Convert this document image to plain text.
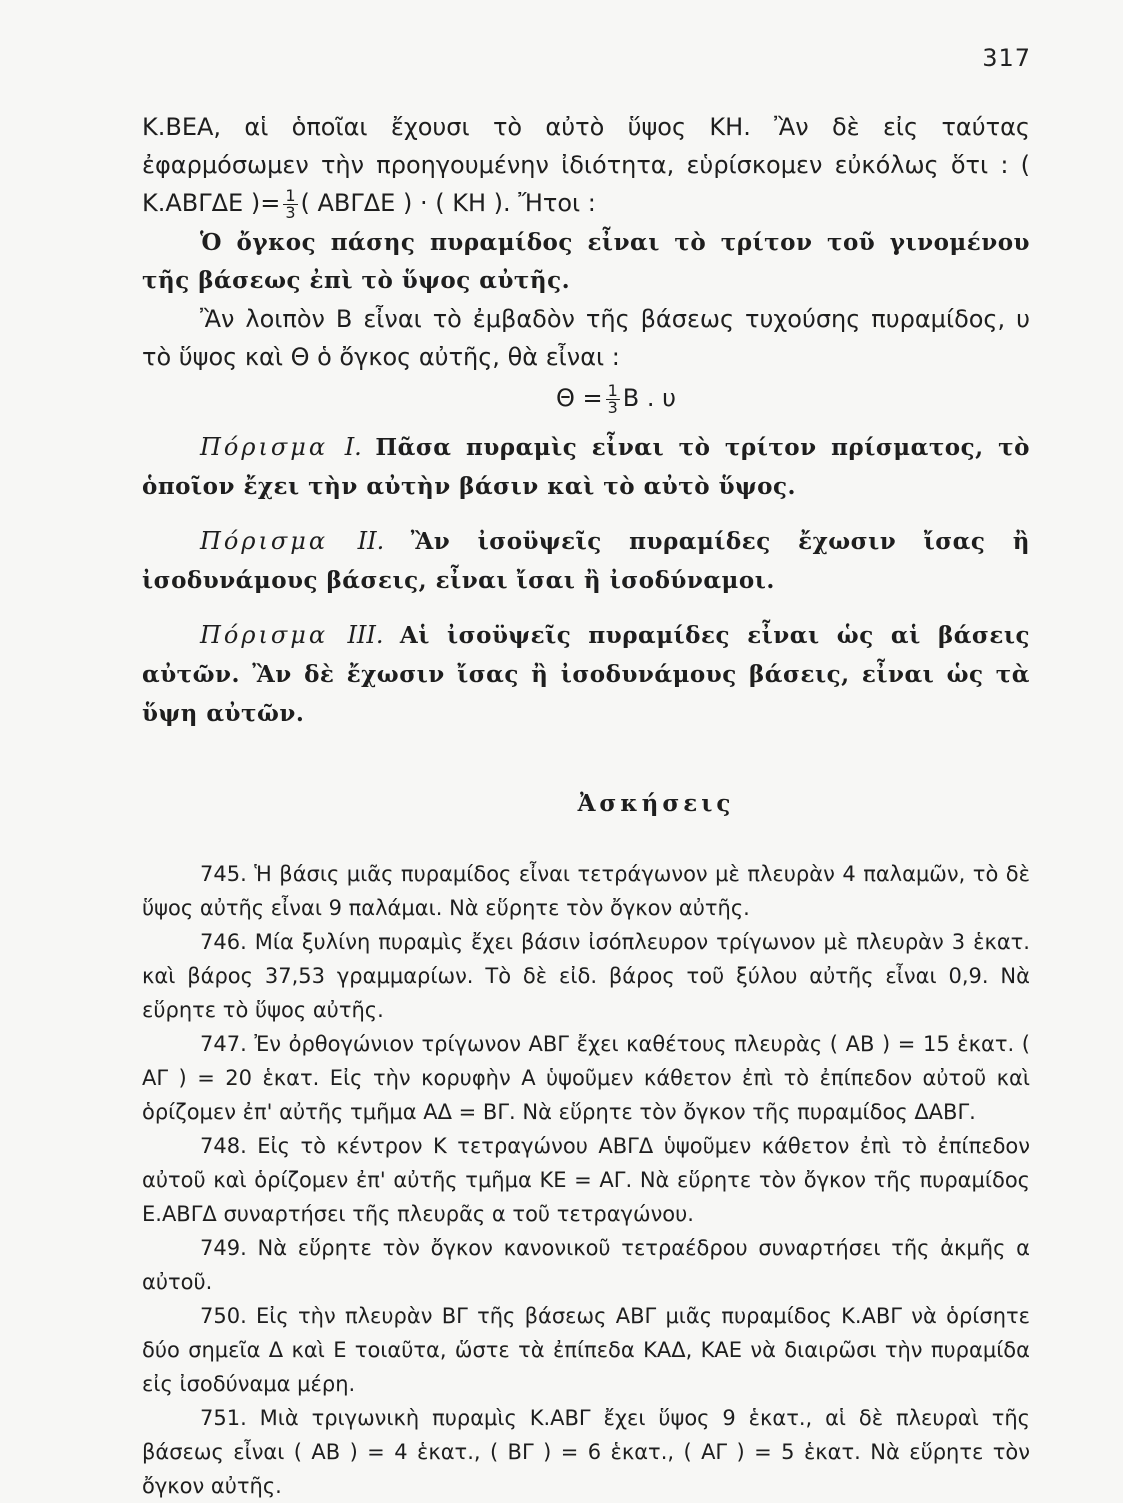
317

Κ.ΒΕΑ, αἱ ὁποῖαι ἔχουσι τὸ αὐτὸ ὕψος ΚΗ. Ἂν δὲ εἰς ταύτας ἐφαρμόσωμεν τὴν προηγουμένην ἰδιότητα, εὑρίσκομεν εὐκόλως ὅτι : ( Κ.ΑΒΓΔΕ )= $\frac{1}{3}$ ( ΑΒΓΔΕ ) · ( ΚΗ ). Ἤτοι :

Ὁ ὄγκος πάσης πυραμίδος εἶναι τὸ τρίτον τοῦ γινομένου τῆς βάσεως ἐπὶ τὸ ὕψος αὐτῆς.

Ἂν λοιπὸν Β εἶναι τὸ ἐμβαδὸν τῆς βάσεως τυχούσης πυραμίδος, υ τὸ ὕψος καὶ Θ ὁ ὄγκος αὐτῆς, θὰ εἶναι :

$\Theta = \frac{1}{3}$ Β . υ

Πόρισμα I. Πᾶσα πυραμὶς εἶναι τὸ τρίτον πρίσματος, τὸ ὁποῖον ἔχει τὴν αὐτὴν βάσιν καὶ τὸ αὐτὸ ὕψος.

Πόρισμα II. Ἂν ἰσοϋψεῖς πυραμίδες ἔχωσιν ἴσας ἢ ἰσοδυνάμους βάσεις, εἶναι ἴσαι ἢ ἰσοδύναμοι.

Πόρισμα III. Αἱ ἰσοϋψεῖς πυραμίδες εἶναι ὡς αἱ βάσεις αὐτῶν. Ἂν δὲ ἔχωσιν ἴσας ἢ ἰσοδυνάμους βάσεις, εἶναι ὡς τὰ ὕψη αὐτῶν.

Ἀσκήσεις

745. Ἡ βάσις μιᾶς πυραμίδος εἶναι τετράγωνον μὲ πλευρὰν 4 παλαμῶν, τὸ δὲ ὕψος αὐτῆς εἶναι 9 παλάμαι. Νὰ εὕρητε τὸν ὄγκον αὐτῆς.

746. Μία ξυλίνη πυραμὶς ἔχει βάσιν ἰσόπλευρον τρίγωνον μὲ πλευρὰν 3 ἑκατ. καὶ βάρος 37,53 γραμμαρίων. Τὸ δὲ εἰδ. βάρος τοῦ ξύλου αὐτῆς εἶναι 0,9. Νὰ εὕρητε τὸ ὕψος αὐτῆς.

747. Ἐν ὀρθογώνιον τρίγωνον ΑΒΓ ἔχει καθέτους πλευρὰς ( ΑΒ ) = 15 ἑκατ. ( ΑΓ ) = 20 ἑκατ. Εἰς τὴν κορυφὴν Α ὑψοῦμεν κάθετον ἐπὶ τὸ ἐπίπεδον αὐτοῦ καὶ ὁρίζομεν ἐπ' αὐτῆς τμῆμα ΑΔ = ΒΓ. Νὰ εὕρητε τὸν ὄγκον τῆς πυραμίδος ΔΑΒΓ.

748. Εἰς τὸ κέντρον Κ τετραγώνου ΑΒΓΔ ὑψοῦμεν κάθετον ἐπὶ τὸ ἐπίπεδον αὐτοῦ καὶ ὁρίζομεν ἐπ' αὐτῆς τμῆμα ΚΕ = ΑΓ. Νὰ εὕρητε τὸν ὄγκον τῆς πυραμίδος Ε.ΑΒΓΔ συναρτήσει τῆς πλευρᾶς α τοῦ τετραγώνου.

749. Νὰ εὕρητε τὸν ὄγκον κανονικοῦ τετραέδρου συναρτήσει τῆς ἀκμῆς α αὐτοῦ.

750. Εἰς τὴν πλευρὰν ΒΓ τῆς βάσεως ΑΒΓ μιᾶς πυραμίδος Κ.ΑΒΓ νὰ ὁρίσητε δύο σημεῖα Δ καὶ Ε τοιαῦτα, ὥστε τὰ ἐπίπεδα ΚΑΔ, ΚΑΕ νὰ διαιρῶσι τὴν πυραμίδα εἰς ἰσοδύναμα μέρη.

751. Μιὰ τριγωνικὴ πυραμὶς Κ.ΑΒΓ ἔχει ὕψος 9 ἑκατ., αἱ δὲ πλευραὶ τῆς βάσεως εἶναι ( ΑΒ ) = 4 ἑκατ., ( ΒΓ ) = 6 ἑκατ., ( ΑΓ ) = 5 ἑκατ. Νὰ εὕρητε τὸν ὄγκον αὐτῆς.
